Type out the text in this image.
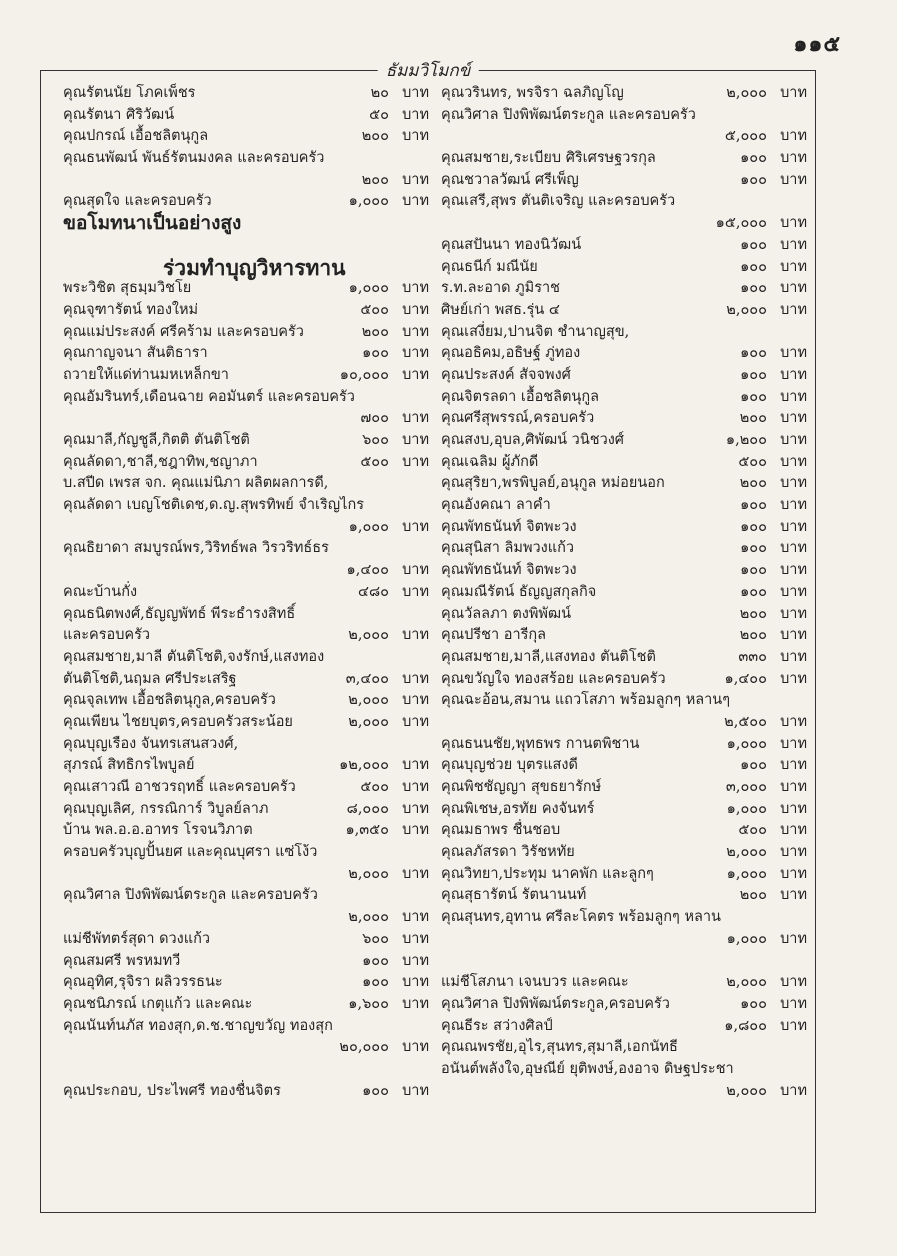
๑๑๕
ธัมมวิโมกข์
คุณรัตนนัย โภคเพ็ชร	๒๐ บาท
คุณรัตนา ศิริวัฒน์	๕๐ บาท
คุณปกรณ์ เอื้อชลิตนุกูล	๒๐๐ บาท
คุณธนพัฒน์ พันธ์รัตนมงคล และครอบครัว
๒๐๐ บาท
คุณสุดใจ และครอบครัว	๑,๐๐๐ บาท
ขอโมทนาเป็นอย่างสูง
ร่วมทำบุญวิหารทาน
พระวิชิต สุธมฺมวิชโย	๑,๐๐๐ บาท
คุณจุฑารัตน์ ทองใหม่	๕๐๐ บาท
คุณแม่ประสงค์ ศรีคร้าม และครอบครัว	๒๐๐ บาท
คุณกาญจนา สันติธารา	๑๐๐ บาท
ถวายให้แด่ท่านมหเหล็กขา	๑๐,๐๐๐ บาท
คุณอัมรินทร์,เดือนฉาย คอมันตร์ และครอบครัว
๗๐๐ บาท
คุณมาลี,กัญชูลี,กิตติ ตันติโชติ	๖๐๐ บาท
คุณลัดดา,ชาลี,ชฎาทิพ,ชญาภา	๕๐๐ บาท
บ.สปีด เพรส จก. คุณแม่นิภา ผลิตผลการดี,
คุณลัดดา เบญโชติเดช,ด.ญ.สุพรทิพย์ จำเริญไกร
๑,๐๐๐ บาท
คุณธิยาดา สมบูรณ์พร,วิริทธ์พล วิรวริทธ์ธร
๑,๔๐๐ บาท
คณะบ้านกั่ง	๔๘๐ บาท
คุณธนิตพงศ์,ธัญญพัทธ์ พีระธำรงสิทธิ์
และครอบครัว	๒,๐๐๐ บาท
คุณสมชาย,มาลี ตันติโชติ,จงรักษ์,แสงทอง
ตันติโชติ,นฤมล ศรีประเสริฐ	๓,๔๐๐ บาท
คุณจุลเทพ เอื้อชลิตนุกูล,ครอบครัว	๒,๐๐๐ บาท
คุณเพียน ไชยบุตร,ครอบครัวสระน้อย	๒,๐๐๐ บาท
คุณบุญเรือง จันทรเสนสวงศ์,
สุภรณ์ สิทธิกรไพบูลย์	๑๒,๐๐๐ บาท
คุณเสาวณี อาชวรฤทธิ์ และครอบครัว	๕๐๐ บาท
คุณบุญเลิศ, กรรณิการ์ วิบูลย์ลาภ	๘,๐๐๐ บาท
บ้าน พล.อ.อ.อาทร โรจนวิภาต	๑,๓๕๐ บาท
ครอบครัวบุญปั้นยศ และคุณบุศรา แซ่โง้ว
๒,๐๐๐ บาท
คุณวิศาล ปิงพิพัฒน์ตระกูล และครอบครัว
๒,๐๐๐ บาท
แม่ชีพัทตร์สุดา ดวงแก้ว	๖๐๐ บาท
คุณสมศรี พรหมทวี	๑๐๐ บาท
คุณอุทิศ,รุจิรา ผลิวรรธนะ	๑๐๐ บาท
คุณชนิภรณ์ เกตุแก้ว และคณะ	๑,๖๐๐ บาท
คุณนันท์นภัส ทองสุก,ด.ช.ชาญขวัญ ทองสุก
๒๐,๐๐๐ บาท
คุณประกอบ, ประไพศรี ทองชื่นจิตร	๑๐๐ บาท
คุณวรินทร, พรจิรา ฉลภิญโญ	๒,๐๐๐ บาท
คุณวิศาล ปิงพิพัฒน์ตระกูล และครอบครัว
๕,๐๐๐ บาท
คุณสมชาย,ระเบียบ ศิริเศรษฐวรกุล	๑๐๐ บาท
คุณชวาลวัฒน์ ศรีเพ็ญ	๑๐๐ บาท
คุณเสรี,สุพร ตันติเจริญ และครอบครัว
๑๕,๐๐๐ บาท
คุณสปันนา ทองนิวัฒน์	๑๐๐ บาท
คุณธนีก์ มณีนัย	๑๐๐ บาท
ร.ท.ละอาด ภูมิราช	๑๐๐ บาท
ศิษย์เก่า พสธ.รุ่น ๔	๒,๐๐๐ บาท
คุณเสงี่ยม,ปานจิต ชำนาญสุข,
คุณอธิคม,อธิษฐ์ ภู่ทอง	๑๐๐ บาท
คุณประสงค์ สัจจพงศ์	๑๐๐ บาท
คุณจิตรลดา เอื้อชลิตนุกูล	๑๐๐ บาท
คุณศรีสุพรรณ์,ครอบครัว	๒๐๐ บาท
คุณสงบ,อุบล,ศิพัฒน์ วนิชวงศ์	๑,๒๐๐ บาท
คุณเฉลิม ผู้ภักดี	๕๐๐ บาท
คุณสุริยา,พรพิบูลย์,อนุกูล หม่อยนอก	๒๐๐ บาท
คุณอังคณา ลาคำ	๑๐๐ บาท
คุณพัทธนันท์ จิตพะวง	๑๐๐ บาท
คุณสุนิสา ลิมพวงแก้ว	๑๐๐ บาท
คุณพัทธนันท์ จิตพะวง	๑๐๐ บาท
คุณมณีรัตน์ ธัญญสกุลกิจ	๑๐๐ บาท
คุณวัลลภา ตงพิพัฒน์	๒๐๐ บาท
คุณปรีชา อารีกุล	๒๐๐ บาท
คุณสมชาย,มาลี,แสงทอง ตันติโชติ	๓๓๐ บาท
คุณขวัญใจ ทองสร้อย และครอบครัว	๑,๔๐๐ บาท
คุณฉะอ้อน,สมาน แถวโสภา พร้อมลูกๆ หลานๆ
๒,๕๐๐ บาท
คุณธนนชัย,พุทธพร กานตพิชาน	๑,๐๐๐ บาท
คุณบุญช่วย บุตรแสงดี	๑๐๐ บาท
คุณพิชชัญญา สุขธยารักษ์	๓,๐๐๐ บาท
คุณพิเชษ,อรทัย คงจันทร์	๑,๐๐๐ บาท
คุณมธาพร ชื่นชอบ	๕๐๐ บาท
คุณลภัสรดา วิรัชหทัย	๒,๐๐๐ บาท
คุณวิทยา,ประทุม นาคพัก และลูกๆ	๑,๐๐๐ บาท
คุณสุธารัตน์ รัตนานนท์	๒๐๐ บาท
คุณสุนทร,อุทาน ศรีละโคตร พร้อมลูกๆ หลาน
๑,๐๐๐ บาท
แม่ชีโสภนา เจนบวร และคณะ	๒,๐๐๐ บาท
คุณวิศาล ปิงพิพัฒน์ตระกูล,ครอบครัว	๑๐๐ บาท
คุณธีระ สว่างศิลป์	๑,๘๐๐ บาท
คุณณพรชัย,อุไร,สุนทร,สุมาลี,เอกนัทธี
อนันต์พลังใจ,อุษณีย์ ยุติพงษ์,องอาจ ดิษฐประชา
๒,๐๐๐ บาท
